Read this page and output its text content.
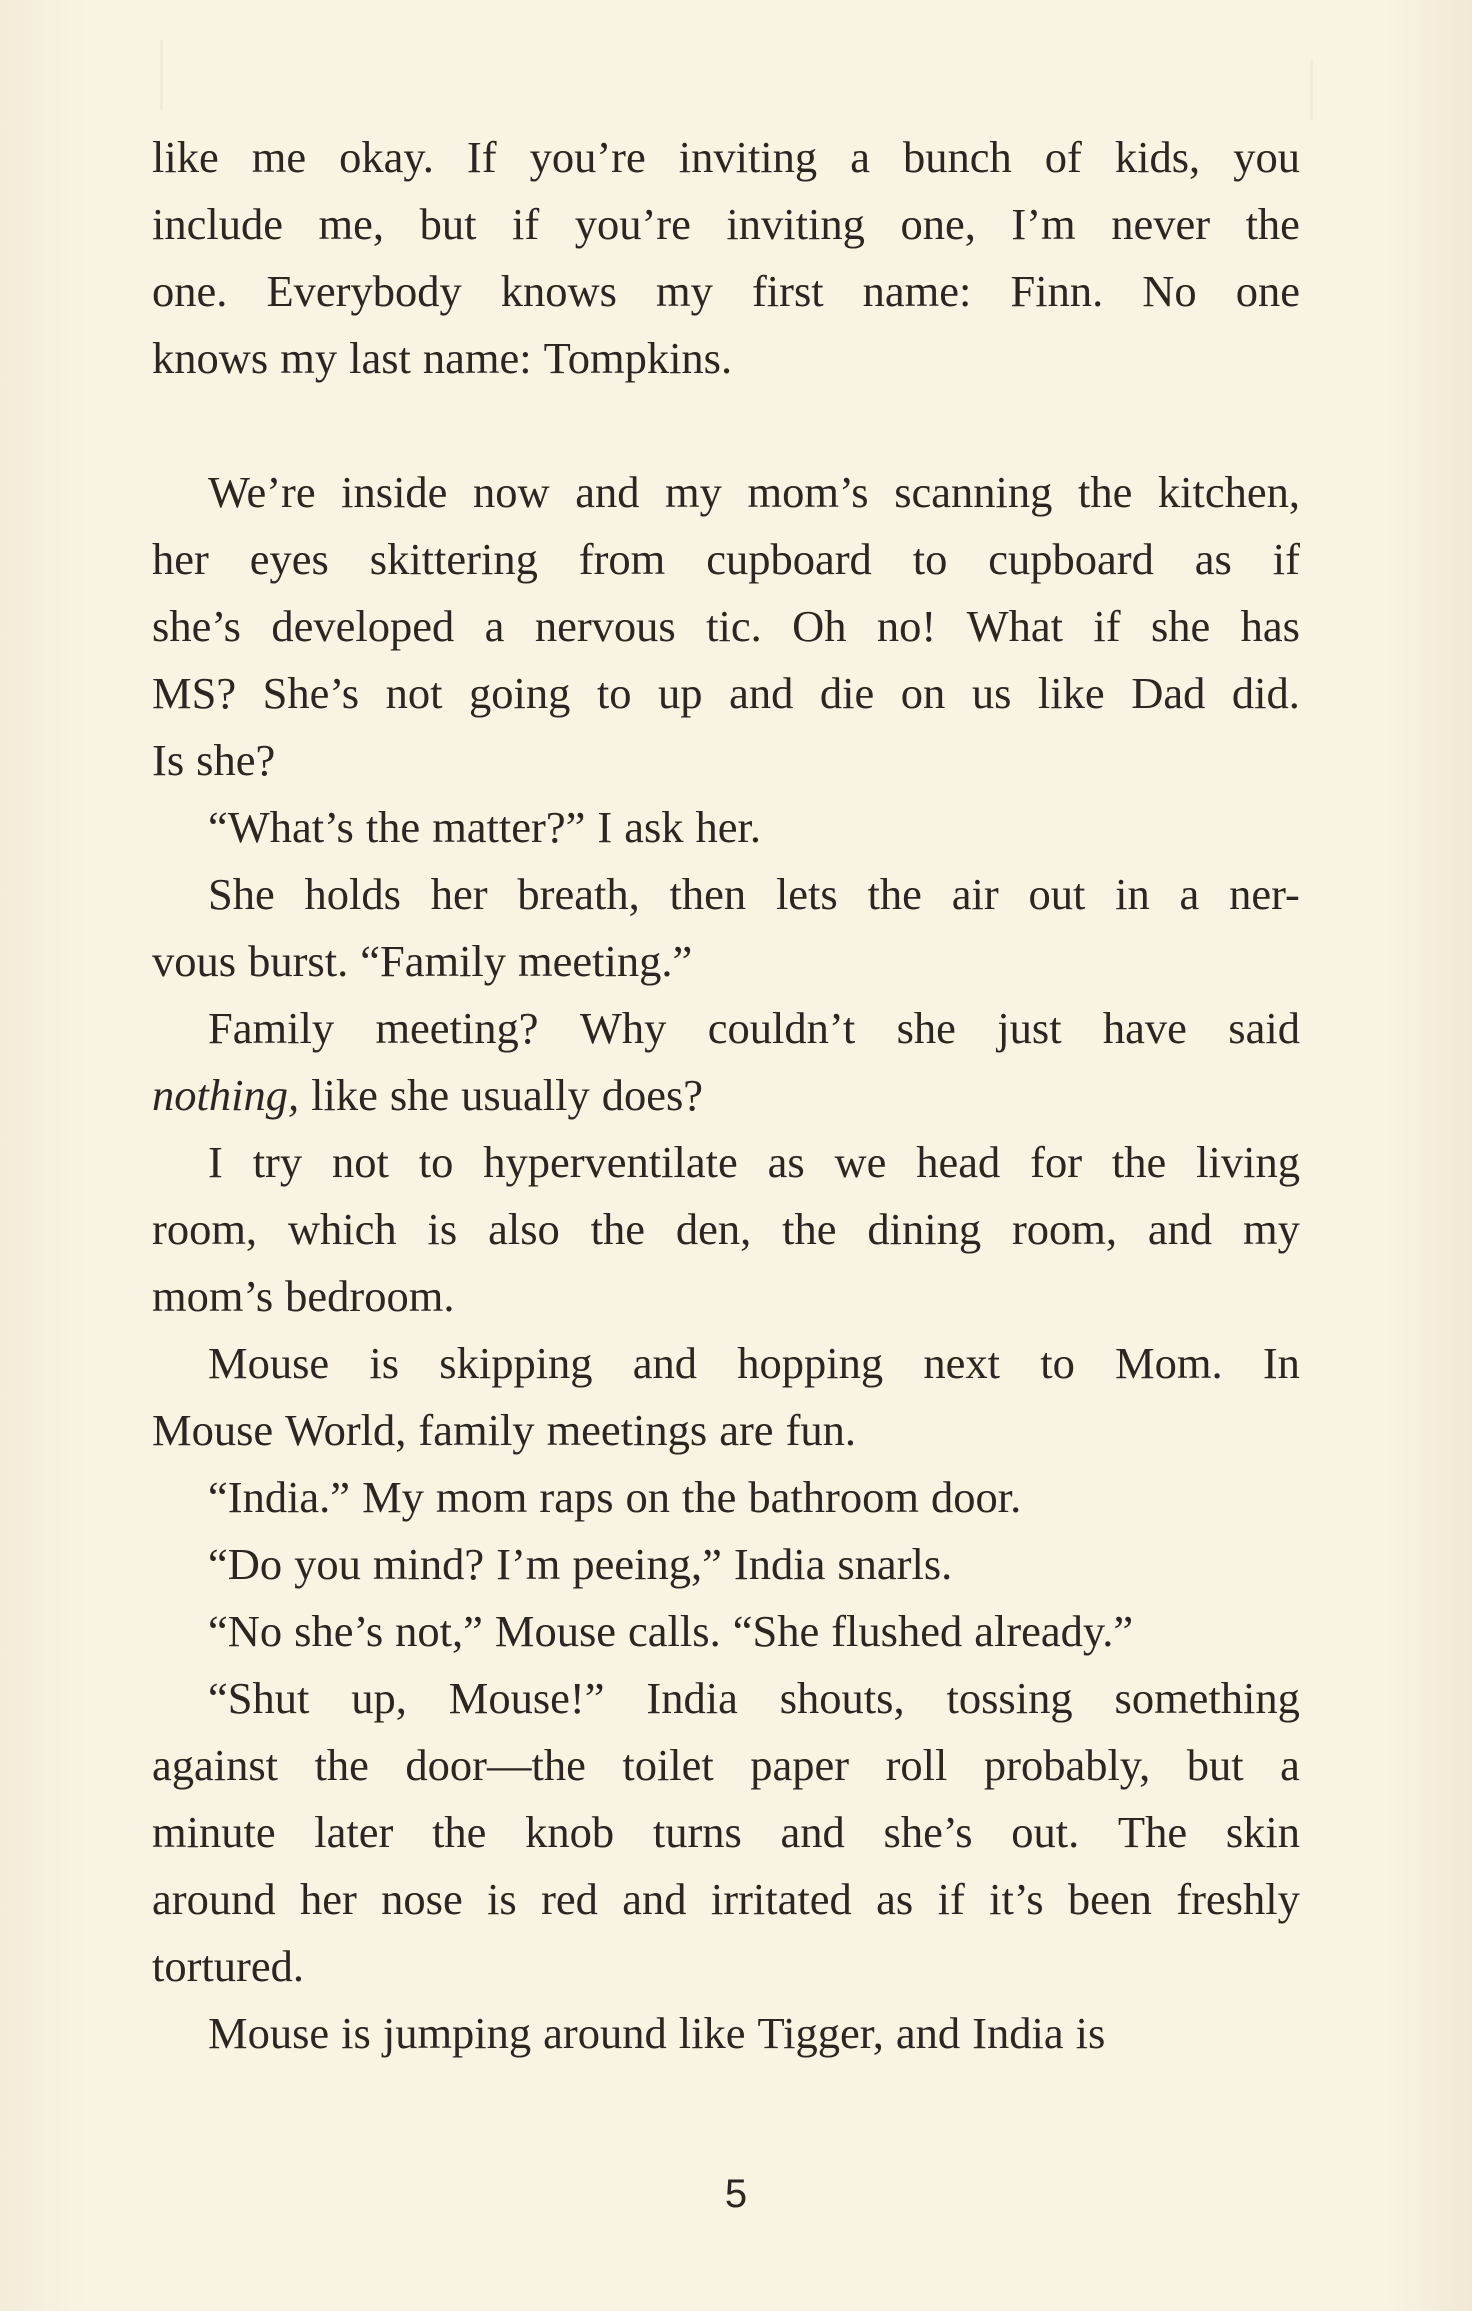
like me okay. If you’re inviting a bunch of kids, you
include me, but if you’re inviting one, I’m never the
one. Everybody knows my first name: Finn. No one
knows my last name: Tompkins.
We’re inside now and my mom’s scanning the kitchen,
her eyes skittering from cupboard to cupboard as if
she’s developed a nervous tic. Oh no! What if she has
MS? She’s not going to up and die on us like Dad did.
Is she?
“What’s the matter?” I ask her.
She holds her breath, then lets the air out in a ner-
vous burst. “Family meeting.”
Family meeting? Why couldn’t she just have said
nothing, like she usually does?
I try not to hyperventilate as we head for the living
room, which is also the den, the dining room, and my
mom’s bedroom.
Mouse is skipping and hopping next to Mom. In
Mouse World, family meetings are fun.
“India.” My mom raps on the bathroom door.
“Do you mind? I’m peeing,” India snarls.
“No she’s not,” Mouse calls. “She flushed already.”
“Shut up, Mouse!” India shouts, tossing something
against the door—the toilet paper roll probably, but a
minute later the knob turns and she’s out. The skin
around her nose is red and irritated as if it’s been freshly
tortured.
Mouse is jumping around like Tigger, and India is
5
